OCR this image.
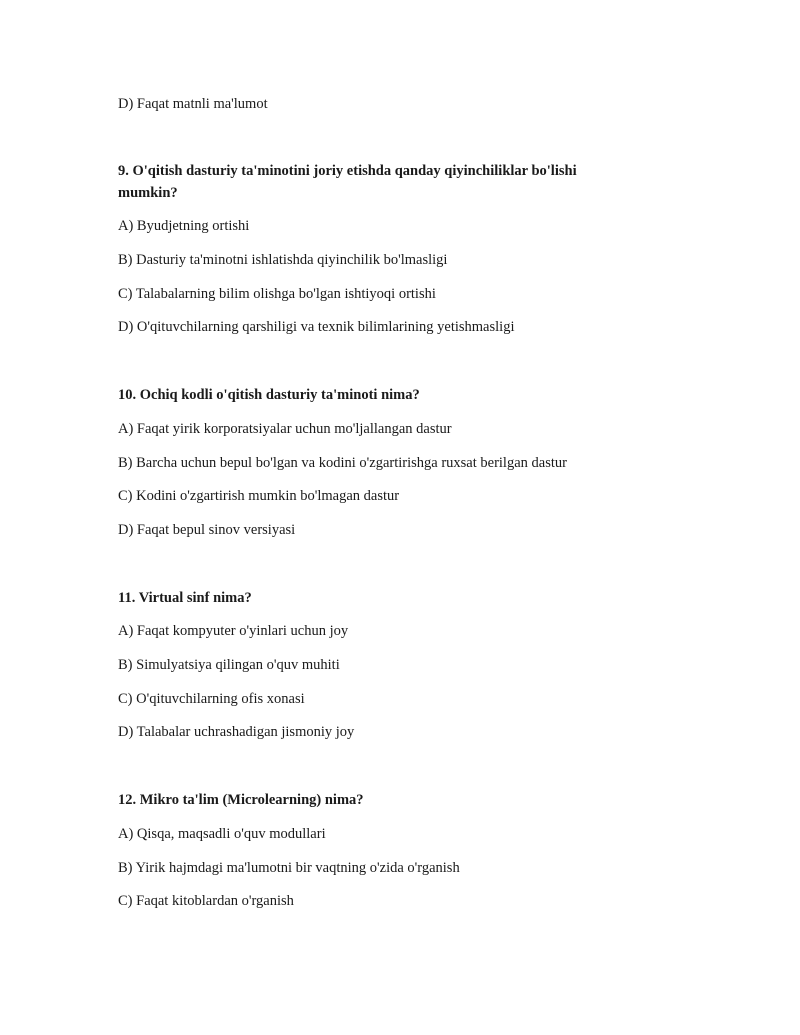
D) Faqat matnli ma'lumot
9. O'qitish dasturiy ta'minotini joriy etishda qanday qiyinchiliklar bo'lishi mumkin?
A) Byudjetning ortishi
B) Dasturiy ta'minotni ishlatishda qiyinchilik bo'lmasligi
C) Talabalarning bilim olishga bo'lgan ishtiyoqi ortishi
D) O'qituvchilarning qarshiligi va texnik bilimlarining yetishmasligi
10. Ochiq kodli o'qitish dasturiy ta'minoti nima?
A) Faqat yirik korporatsiyalar uchun mo'ljallangan dastur
B) Barcha uchun bepul bo'lgan va kodini o'zgartirishga ruxsat berilgan dastur
C) Kodini o'zgartirish mumkin bo'lmagan dastur
D) Faqat bepul sinov versiyasi
11. Virtual sinf nima?
A) Faqat kompyuter o'yinlari uchun joy
B) Simulyatsiya qilingan o'quv muhiti
C) O'qituvchilarning ofis xonasi
D) Talabalar uchrashadigan jismoniy joy
12. Mikro ta'lim (Microlearning) nima?
A) Qisqa, maqsadli o'quv modullari
B) Yirik hajmdagi ma'lumotni bir vaqtning o'zida o'rganish
C) Faqat kitoblardan o'rganish
